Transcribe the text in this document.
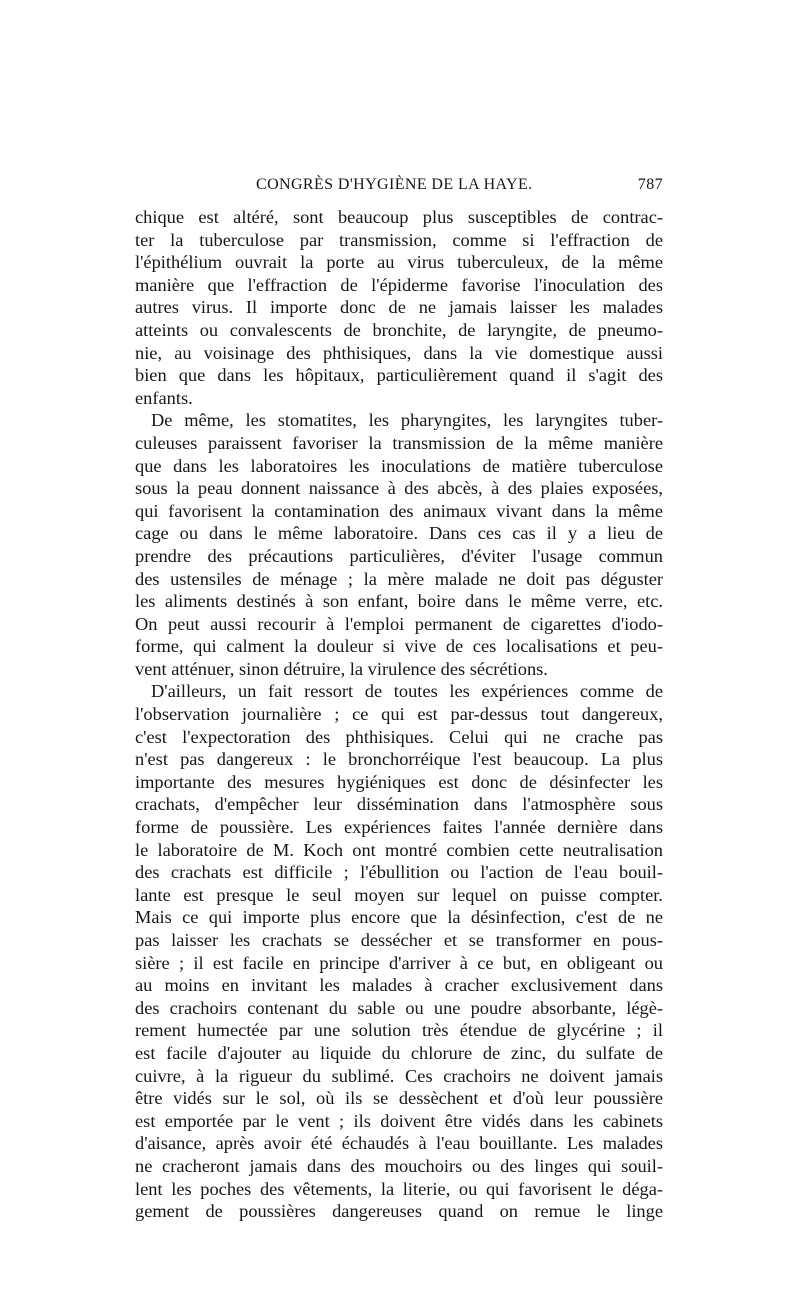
CONGRÈS D'HYGIÈNE DE LA HAYE.	787
chique est altéré, sont beaucoup plus susceptibles de contrac-
ter la tuberculose par transmission, comme si l'effraction de
l'épithélium ouvrait la porte au virus tuberculeux, de la même
manière que l'effraction de l'épiderme favorise l'inoculation des
autres virus. Il importe donc de ne jamais laisser les malades
atteints ou convalescents de bronchite, de laryngite, de pneumo-
nie, au voisinage des phthisiques, dans la vie domestique aussi
bien que dans les hôpitaux, particulièrement quand il s'agit des
enfants.
De même, les stomatites, les pharyngites, les laryngites tuber-
culeuses paraissent favoriser la transmission de la même manière
que dans les laboratoires les inoculations de matière tuberculose
sous la peau donnent naissance à des abcès, à des plaies exposées,
qui favorisent la contamination des animaux vivant dans la même
cage ou dans le même laboratoire. Dans ces cas il y a lieu de
prendre des précautions particulières, d'éviter l'usage commun
des ustensiles de ménage ; la mère malade ne doit pas déguster
les aliments destinés à son enfant, boire dans le même verre, etc.
On peut aussi recourir à l'emploi permanent de cigarettes d'iodo-
forme, qui calment la douleur si vive de ces localisations et peu-
vent atténuer, sinon détruire, la virulence des sécrétions.
D'ailleurs, un fait ressort de toutes les expériences comme de
l'observation journalière ; ce qui est par-dessus tout dangereux,
c'est l'expectoration des phthisiques. Celui qui ne crache pas
n'est pas dangereux : le bronchorréique l'est beaucoup. La plus
importante des mesures hygiéniques est donc de désinfecter les
crachats, d'empêcher leur dissémination dans l'atmosphère sous
forme de poussière. Les expériences faites l'année dernière dans
le laboratoire de M. Koch ont montré combien cette neutralisation
des crachats est difficile ; l'ébullition ou l'action de l'eau bouil-
lante est presque le seul moyen sur lequel on puisse compter.
Mais ce qui importe plus encore que la désinfection, c'est de ne
pas laisser les crachats se dessécher et se transformer en pous-
sière ; il est facile en principe d'arriver à ce but, en obligeant ou
au moins en invitant les malades à cracher exclusivement dans
des crachoirs contenant du sable ou une poudre absorbante, légè-
rement humectée par une solution très étendue de glycérine ; il
est facile d'ajouter au liquide du chlorure de zinc, du sulfate de
cuivre, à la rigueur du sublimé. Ces crachoirs ne doivent jamais
être vidés sur le sol, où ils se dessèchent et d'où leur poussière
est emportée par le vent ; ils doivent être vidés dans les cabinets
d'aisance, après avoir été échaudés à l'eau bouillante. Les malades
ne cracheront jamais dans des mouchoirs ou des linges qui souil-
lent les poches des vêtements, la literie, ou qui favorisent le déga-
gement de poussières dangereuses quand on remue le linge
